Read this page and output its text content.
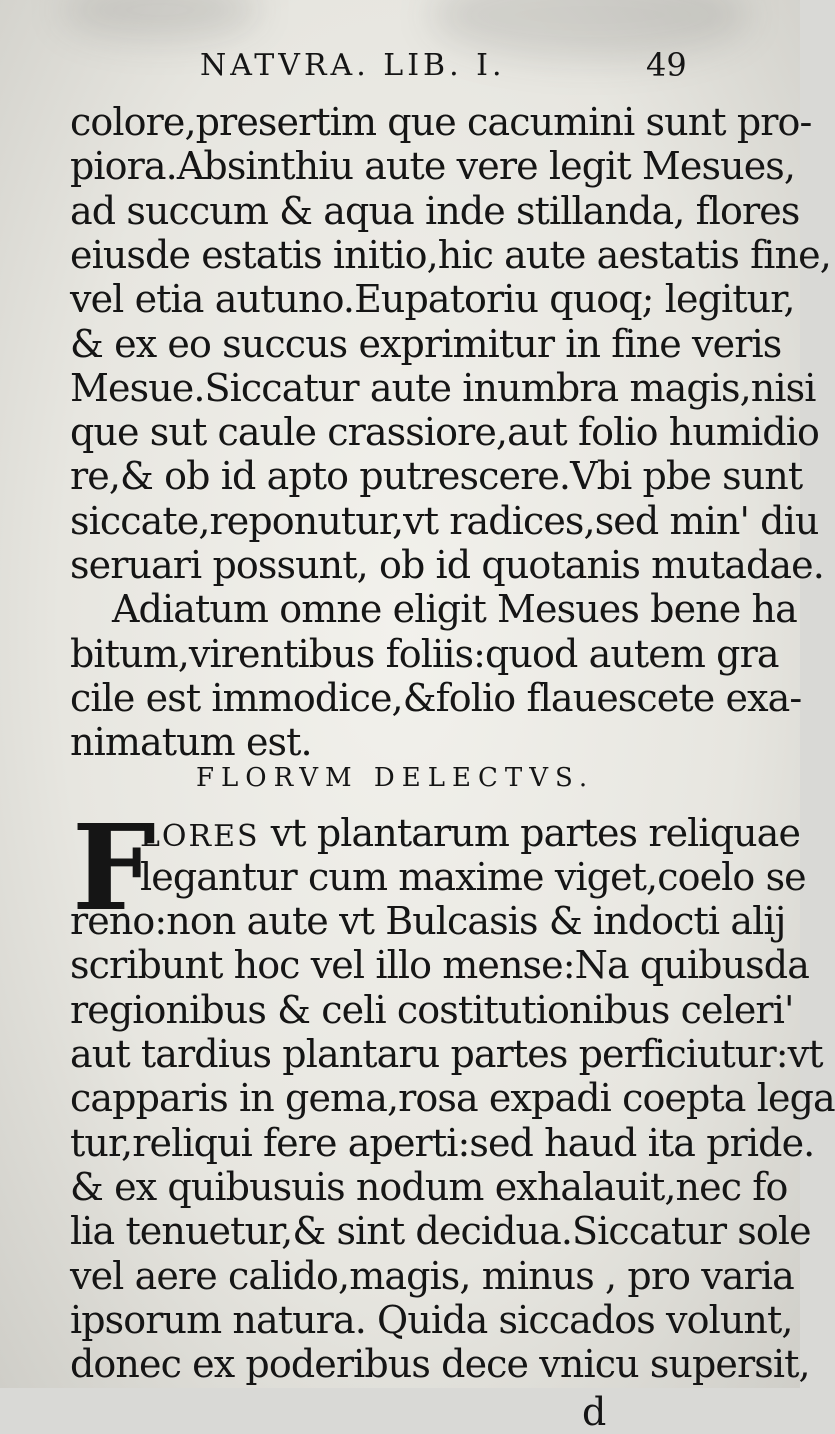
NATVRA. LIB. I.	49
colore,presertim que cacumini sunt pro-
piora.Absinthiu aute vere legit Mesues,
ad succum & aqua inde stillanda, flores
eiusde estatis initio,hic aute aestatis fine,
vel etia autuno.Eupatoriu quoq; legitur,
& ex eo succus exprimitur in fine veris
Mesue.Siccatur aute inumbra magis,nisi
que sut caule crassiore,aut folio humidio
re,& ob id apto putrescere.Vbi pbe sunt
siccate,reponutur,vt radices,sed min' diu
seruari possunt, ob id quotanis mutadae.
Adiatum omne eligit Mesues bene ha
bitum,virentibus foliis:quod autem gra
cile est immodice,&folio flauescete exa-
nimatum est.
FLORVM DELECTVS.
F
LORES vt plantarum partes reliquae
legantur cum maxime viget,coelo se
reno:non aute vt Bulcasis & indocti alij
scribunt hoc vel illo mense:Na quibusda
regionibus & celi costitutionibus celeri'
aut tardius plantaru partes perficiutur:vt
capparis in gema,rosa expadi coepta lega
tur,reliqui fere aperti:sed haud ita pride.
& ex quibusuis nodum exhalauit,nec fo
lia tenuetur,& sint decidua.Siccatur sole
vel aere calido,magis, minus , pro varia
ipsorum natura. Quida siccados volunt,
donec ex poderibus dece vnicu supersit,
d
